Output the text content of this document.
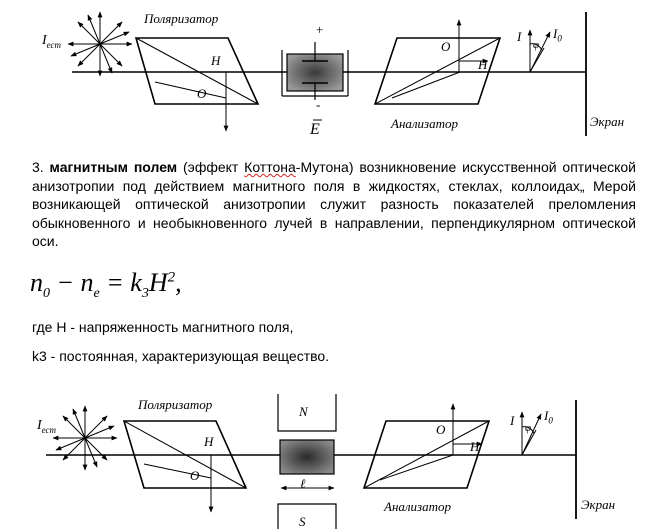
Поляризатор
$I_{ест}$
H
O
+
-
E
O
H
Анализатор
I $I_0$
φ
Экран
3. магнитным полем (эффект Коттона-Мутона) возникновение искусственной оптической анизотропии под действием магнитного поля в жидкостях, стеклах, коллоидах„ Мерой возникающей оптической анизотропии служит разность показателей преломления обыкновенного и необыкновенного лучей в направлении, перпендикулярном оптической оси.
$n_0 - n_е = k_3H^2$,
где Н - напряженность магнитного поля,
k3 - постоянная, характеризующая вещество.
Поляризатор
$I_{ест}$
H
O
N
ℓ
S
O
H
Анализатор
I $I_0$
φ
Экран
